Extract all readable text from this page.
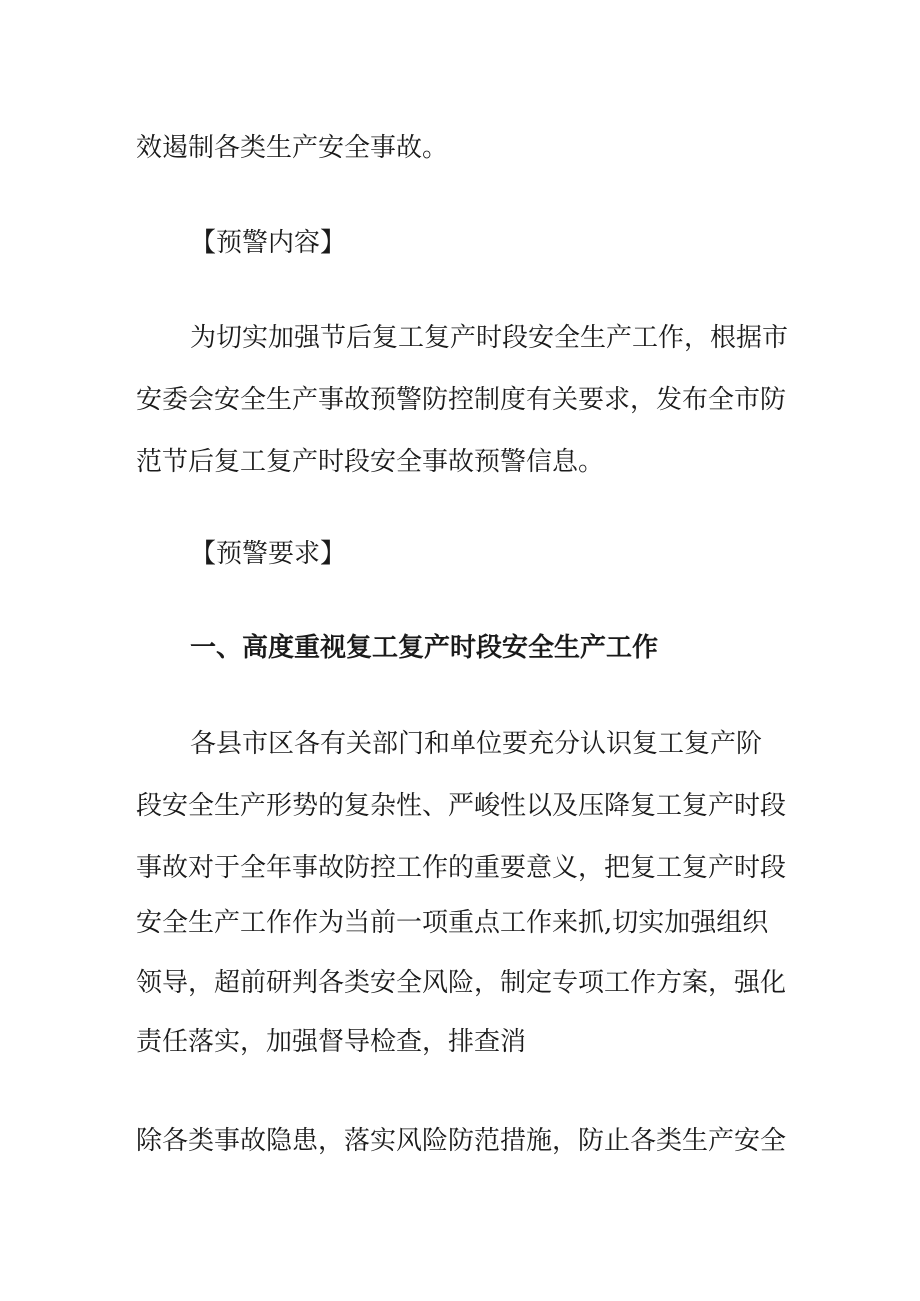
效遏制各类生产安全事故。
【预警内容】
为切实加强节后复工复产时段安全生产工作，根据市
安委会安全生产事故预警防控制度有关要求，发布全市防
范节后复工复产时段安全事故预警信息。
【预警要求】
一、高度重视复工复产时段安全生产工作
各县市区各有关部门和单位要充分认识复工复产阶
段安全生产形势的复杂性、严峻性以及压降复工复产时段
事故对于全年事故防控工作的重要意义，把复工复产时段
安全生产工作作为当前一项重点工作来抓,切实加强组织
领导，超前研判各类安全风险，制定专项工作方案，强化
责任落实，加强督导检查，排查消
除各类事故隐患，落实风险防范措施，防止各类生产安全
